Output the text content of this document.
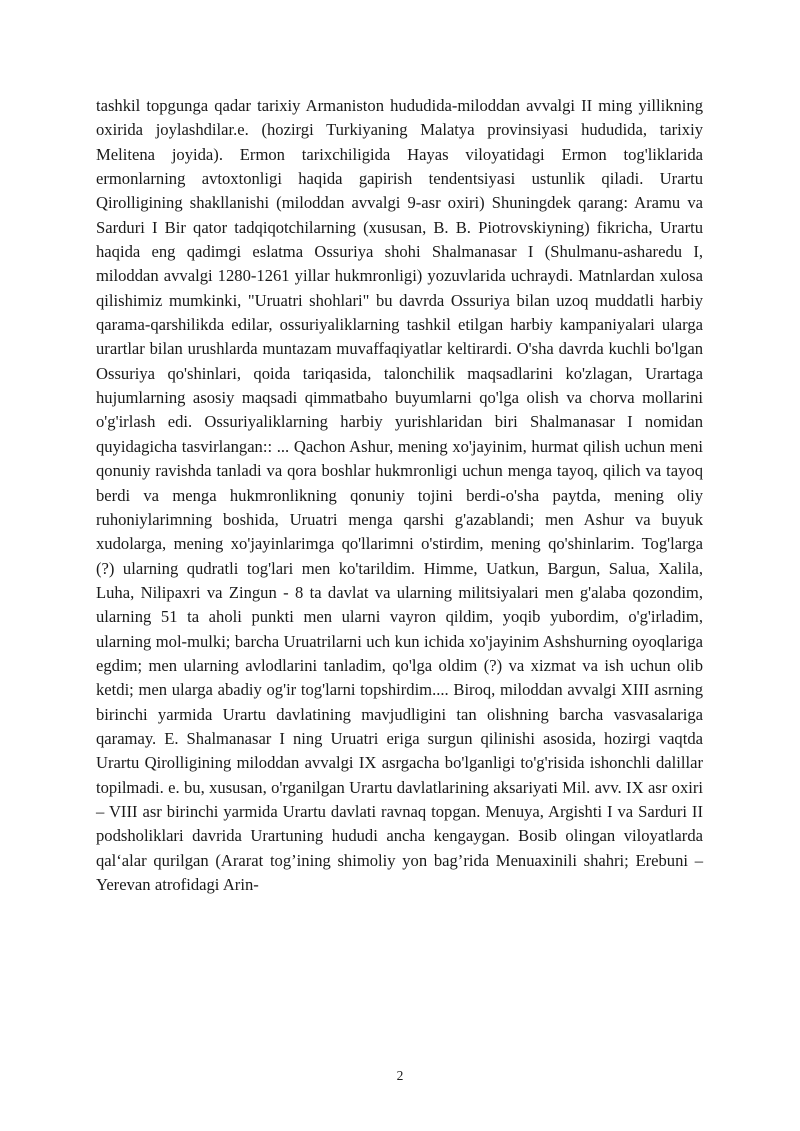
tashkil topgunga qadar tarixiy Armaniston hududida-miloddan avvalgi II ming yillikning oxirida joylashdilar.e. (hozirgi Turkiyaning Malatya provinsiyasi hududida, tarixiy Melitena joyida). Ermon tarixchiligida Hayas viloyatidagi Ermon tog'liklarida ermonlarning avtoxtonligi haqida gapirish tendentsiyasi ustunlik qiladi. Urartu Qirolligining shakllanishi (miloddan avvalgi 9-asr oxiri) Shuningdek qarang: Aramu va Sarduri I Bir qator tadqiqotchilarning (xususan, B. B. Piotrovskiyning) fikricha, Urartu haqida eng qadimgi eslatma Ossuriya shohi Shalmanasar I (Shulmanu-asharedu I, miloddan avvalgi 1280-1261 yillar hukmronligi) yozuvlarida uchraydi. Matnlardan xulosa qilishimiz mumkinki, "Uruatri shohlari" bu davrda Ossuriya bilan uzoq muddatli harbiy qarama-qarshilikda edilar, ossuriyaliklarning tashkil etilgan harbiy kampaniyalari ularga urartlar bilan urushlarda muntazam muvaffaqiyatlar keltirardi. O'sha davrda kuchli bo'lgan Ossuriya qo'shinlari, qoida tariqasida, talonchilik maqsadlarini ko'zlagan, Urartaga hujumlarning asosiy maqsadi qimmatbaho buyumlarni qo'lga olish va chorva mollarini o'g'irlash edi. Ossuriyaliklarning harbiy yurishlaridan biri Shalmanasar I nomidan quyidagicha tasvirlangan:: ... Qachon Ashur, mening xo'jayinim, hurmat qilish uchun meni qonuniy ravishda tanladi va qora boshlar hukmronligi uchun menga tayoq, qilich va tayoq berdi va menga hukmronlikning qonuniy tojini berdi-o'sha paytda, mening oliy ruhoniylarimning boshida, Uruatri menga qarshi g'azablandi; men Ashur va buyuk xudolarga, mening xo'jayinlarimga qo'llarimni o'stirdim, mening qo'shinlarim. Tog'larga (?) ularning qudratli tog'lari men ko'tarildim. Himme, Uatkun, Bargun, Salua, Xalila, Luha, Nilipaxri va Zingun - 8 ta davlat va ularning militsiyalari men g'alaba qozondim, ularning 51 ta aholi punkti men ularni vayron qildim, yoqib yubordim, o'g'irladim, ularning mol-mulki; barcha Uruatrilarni uch kun ichida xo'jayinim Ashshurning oyoqlariga egdim; men ularning avlodlarini tanladim, qo'lga oldim (?) va xizmat va ish uchun olib ketdi; men ularga abadiy og'ir tog'larni topshirdim.... Biroq, miloddan avvalgi XIII asrning birinchi yarmida Urartu davlatining mavjudligini tan olishning barcha vasvasalariga qaramay. E. Shalmanasar I ning Uruatri eriga surgun qilinishi asosida, hozirgi vaqtda Urartu Qirolligining miloddan avvalgi IX asrgacha bo'lganligi to'g'risida ishonchli dalillar topilmadi. e. bu, xususan, o'rganilgan Urartu davlatlarining aksariyati Mil. avv. IX asr oxiri – VIII asr birinchi yarmida Urartu davlati ravnaq topgan. Menuya, Argishti I va Sarduri II podsholiklari davrida Urartuning hududi ancha kengaygan. Bosib olingan viloyatlarda qal‘alar qurilgan (Ararat tog’ining shimoliy yon bag’rida Menuaxinili shahri; Erebuni – Yerevan atrofidagi Arin-

2
